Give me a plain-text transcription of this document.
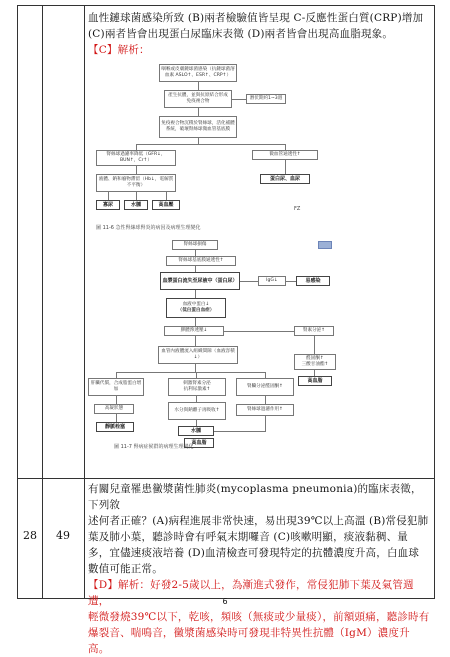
血性鏈球菌感染所致 (B)兩者檢驗值皆呈現 C-反應性蛋白質(CRP)增加
(C)兩者皆會出現蛋白尿臨床表徵 (D)兩者皆會出現高血脂現象。
【C】解析：
咽喉或皮膚鏈球菌感染（抗鏈球菌溶血素 ASLO↑、ESR↑、CRP↑）
產生抗體，並與抗原結合形成免疫複合物
潛伏期約1~3週
免疫複合物沉積於腎絲球，活化補體系統，破壞腎絲球微血管基底膜
腎絲球過濾率降低（GFR↓，BUN↑，Cr↑）
微血管通透性↑
液體、鈉和廢物滯留（Hb↓，電解質不平衡）
蛋白尿、血尿
寡尿	水腫	高血壓
FZ
圖 11-6 急性腎絲球腎炎的病因及病理生理變化
腎絲球損傷
腎絲球基底膜通透性↑
血漿蛋白流失至尿液中（蛋白尿）	IgG↓	易感染
血液中蛋白↓
（低白蛋白血症）
膠體滲透壓↓	腎素分泌↑
血管內液體流入組織間隙（血液容積↓）	醛固酮↑
三酸甘油酯↑
高血脂
肝臟代償，合成脂蛋白增加
刺激腎素分泌
抗利尿激素↑
腎臟分泌醛固酮↑
高凝狀態	水分與鈉離子再吸收↑	腎絲球過濾作用↑
靜脈栓塞
水腫
高血脂
圖 11-7 腎病症候群的病理生理變化
28	49
有關兒童罹患黴漿菌性肺炎(mycoplasma pneumonia)的臨床表徵，下列敘
述何者正確？(A)病程進展非常快速，易出現39℃以上高溫 (B)常侵犯肺
葉及肺小葉，聽診時會有呼氣末期囉音 (C)咳嗽明顯，痰液黏稠、量
多，宜儘速痰液培養 (D)血清檢查可發現特定的抗體濃度升高，白血球
數值可能正常。
【D】解析：好發2-5歲以上，為漸進式發作，常侵犯肺下葉及氣管週遭，
輕微發燒39℃以下，乾咳，頻咳（無痰或少量痰），前額頭痛，聽診時有
爆裂音、喘鳴音，黴漿菌感染時可發現非特異性抗體（IgM）濃度升高。
6
